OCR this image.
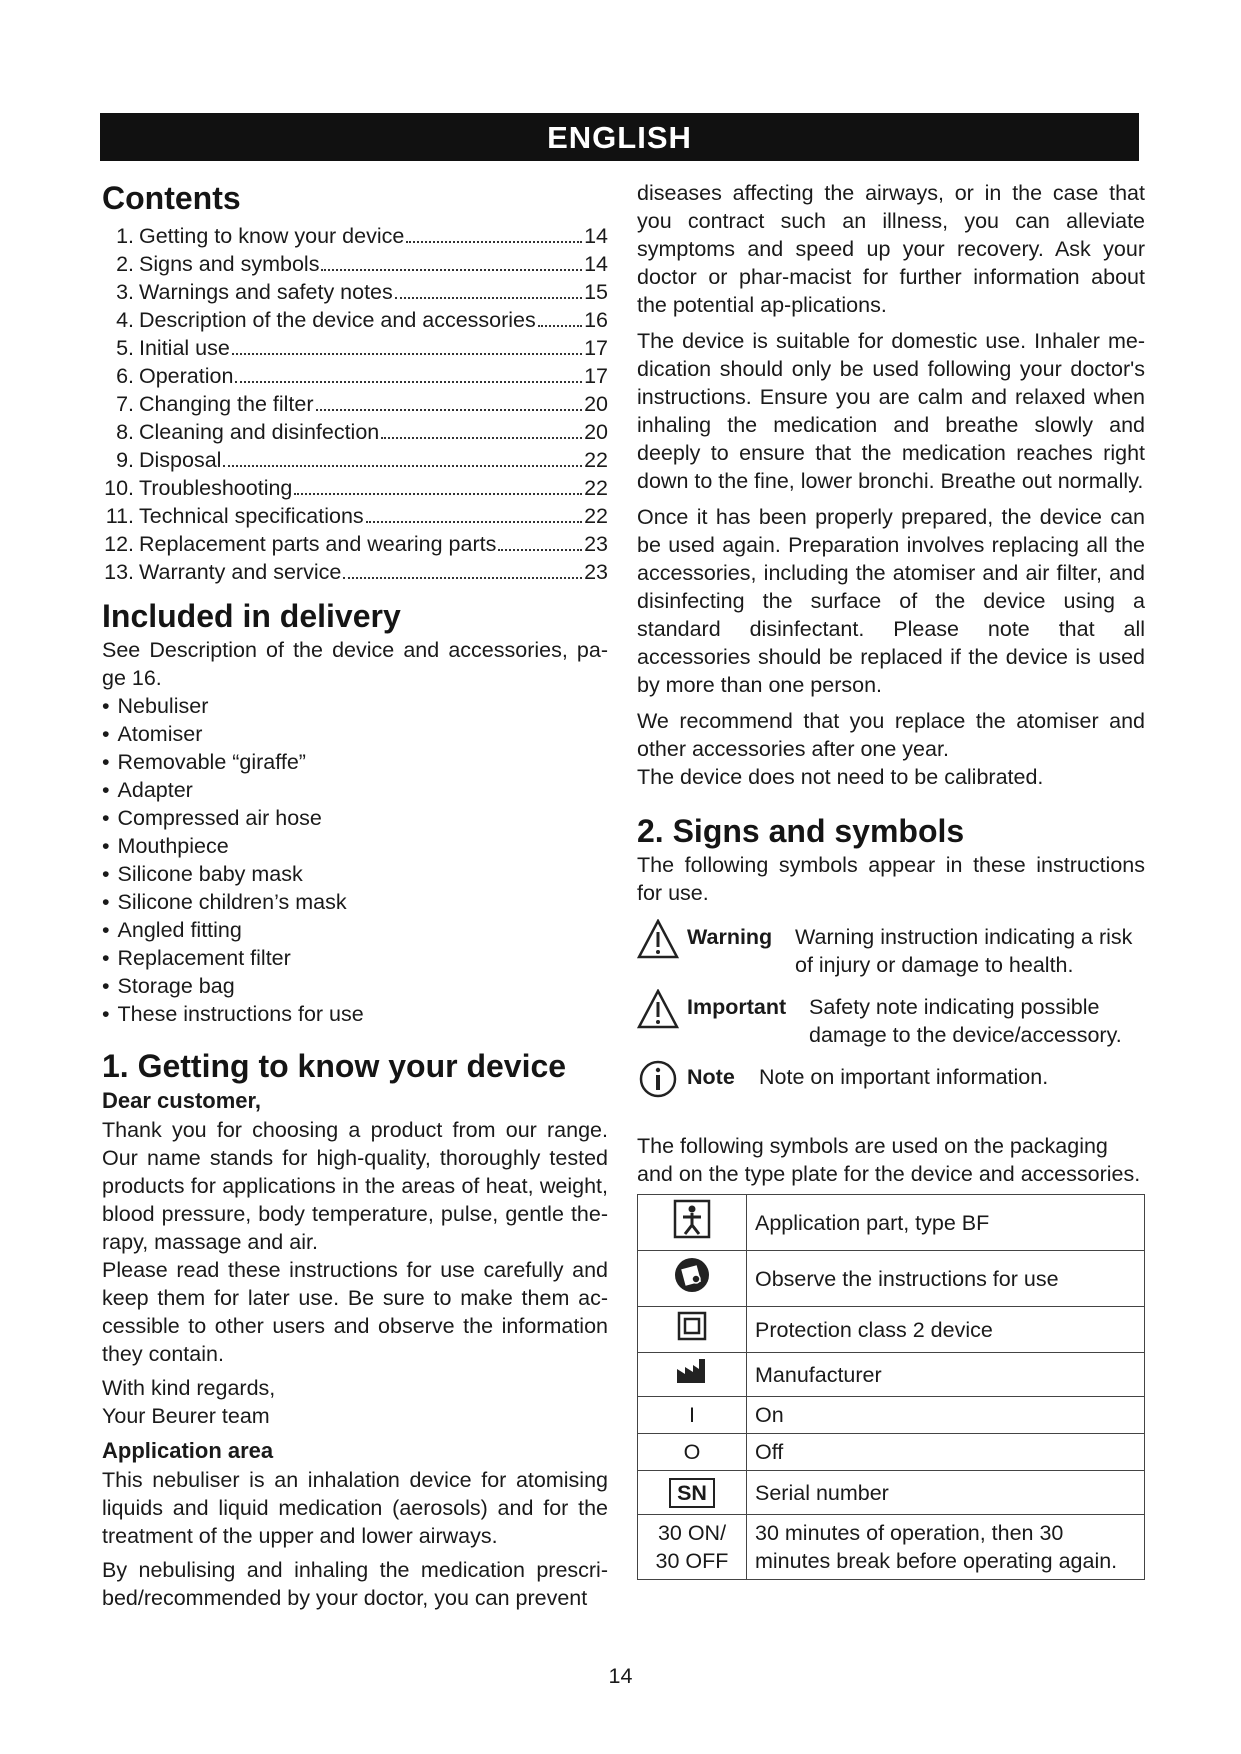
ENGLISH
Contents
1. Getting to know your device	14
2. Signs and symbols	14
3. Warnings and safety notes	15
4. Description of the device and accessories 16
5. Initial use	17
6. Operation	17
7. Changing the filter	20
8. Cleaning and disinfection	20
9. Disposal	22
10. Troubleshooting	22
11. Technical specifications	22
12. Replacement parts and wearing parts	23
13. Warranty and service	23
Included in delivery

See Description of the device and accessories, pa-ge 16.

• Nebuliser
• Atomiser
• Removable “giraffe”
• Adapter
• Compressed air hose
• Mouthpiece
• Silicone baby mask
• Silicone children’s mask
• Angled fitting
• Replacement filter
• Storage bag
• These instructions for use
1. Getting to know your device
Dear customer,

Thank you for choosing a product from our range. Our name stands for high-quality, thoroughly tested products for applications in the areas of heat, weight, blood pressure, body temperature, pulse, gentle the-rapy, massage and air.

Please read these instructions for use carefully and keep them for later use. Be sure to make them ac-cessible to other users and observe the information they contain.

With kind regards,

Your Beurer team

Application area

This nebuliser is an inhalation device for atomising liquids and liquid medication (aerosols) and for the treatment of the upper and lower airways.

By nebulising and inhaling the medication prescri-bed/recommended by your doctor, you can prevent

diseases affecting the airways, or in the case that you contract such an illness, you can alleviate symptoms and speed up your recovery. Ask your doctor or phar-macist for further information about the potential ap-plications.

The device is suitable for domestic use. Inhaler me-dication should only be used following your doctor's instructions. Ensure you are calm and relaxed when inhaling the medication and breathe slowly and deeply to ensure that the medication reaches right down to the fine, lower bronchi. Breathe out normally.

Once it has been properly prepared, the device can be used again. Preparation involves replacing all the accessories, including the atomiser and air filter, and disinfecting the surface of the device using a standard disinfectant. Please note that all accessories should be replaced if the device is used by more than one person.

We recommend that you replace the atomiser and other accessories after one year.

The device does not need to be calibrated.

2. Signs and symbols

The following symbols appear in these instructions for use.

Warning	Warning instruction indicating a risk of injury or damage to health.
Important	Safety note indicating possible damage to the device/accessory.
Note	Note on important information.

The following symbols are used on the packaging and on the type plate for the device and accessories.

	Application part, type BF
	Observe the instructions for use
	Protection class 2 device
	Manufacturer
I	On
O	Off
SN	Serial number
30 ON/
30 OFF	30 minutes of operation, then 30 minutes break before operating again.
14
